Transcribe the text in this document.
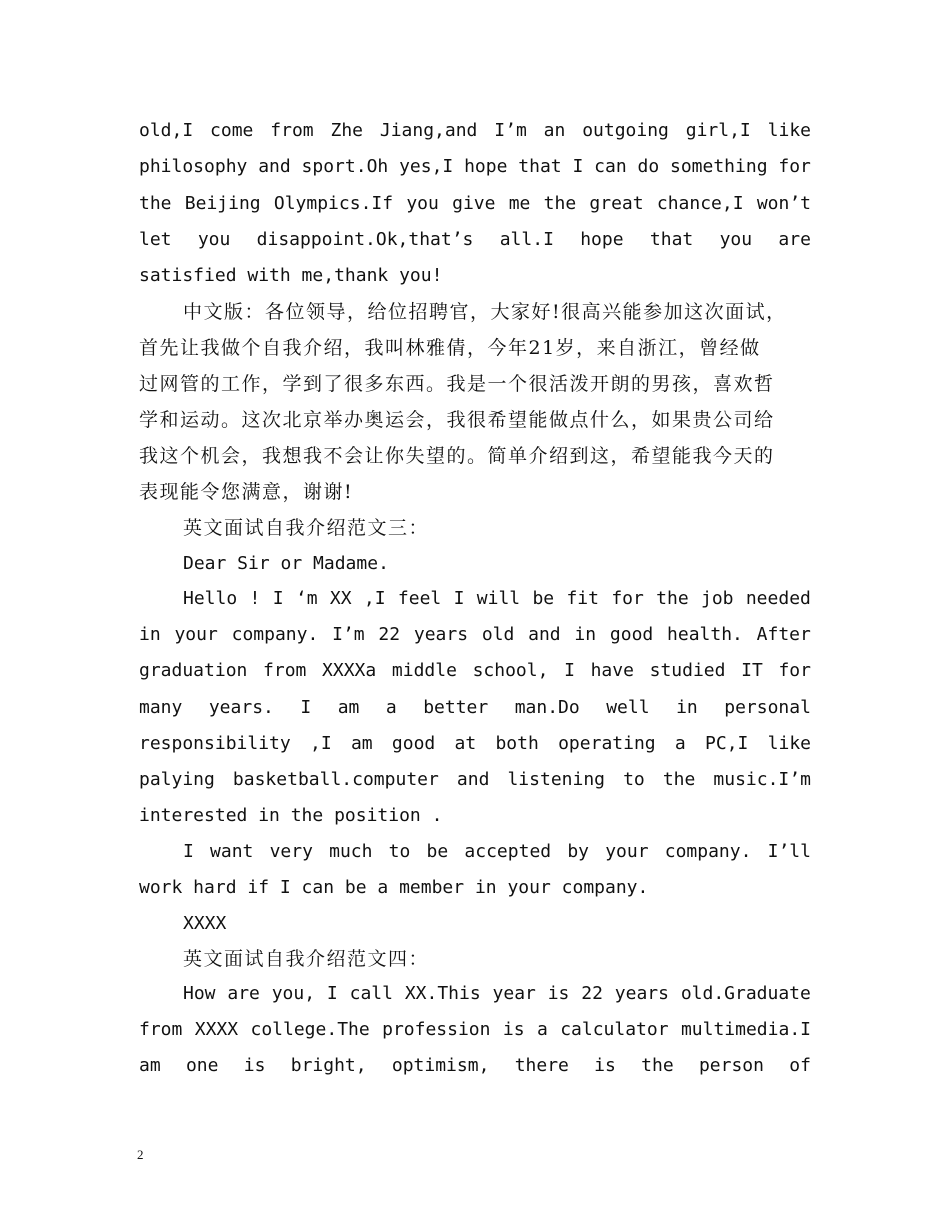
old,I come from Zhe Jiang,and I’m an outgoing girl,I like
philosophy and sport.Oh yes,I hope that I can do something for
the Beijing Olympics.If you give me the great chance,I won’t
let you disappoint.Ok,that’s all.I hope that you are
satisfied with me,thank you!
中文版：各位领导，给位招聘官，大家好!很高兴能参加这次面试，
首先让我做个自我介绍，我叫林雅倩，今年21岁，来自浙江，曾经做
过网管的工作，学到了很多东西。我是一个很活泼开朗的男孩，喜欢哲
学和运动。这次北京举办奥运会，我很希望能做点什么，如果贵公司给
我这个机会，我想我不会让你失望的。简单介绍到这，希望能我今天的
表现能令您满意，谢谢!
英文面试自我介绍范文三：
Dear Sir or Madame.
Hello ! I ‘m XX ,I feel I will be fit for the job needed
in your company. I’m 22 years old and in good health. After
graduation from XXXXa middle school, I have studied IT for
many years. I am a better man.Do well in personal
responsibility ,I am good at both operating a PC,I like
palying basketball.computer and listening to the music.I’m
interested in the position .
I want very much to be accepted by your company. I’ll
work hard if I can be a member in your company.
XXXX
英文面试自我介绍范文四：
How are you, I call XX.This year is 22 years old.Graduate
from XXXX college.The profession is a calculator multimedia.I
am one is bright, optimism, there is the person of
2
